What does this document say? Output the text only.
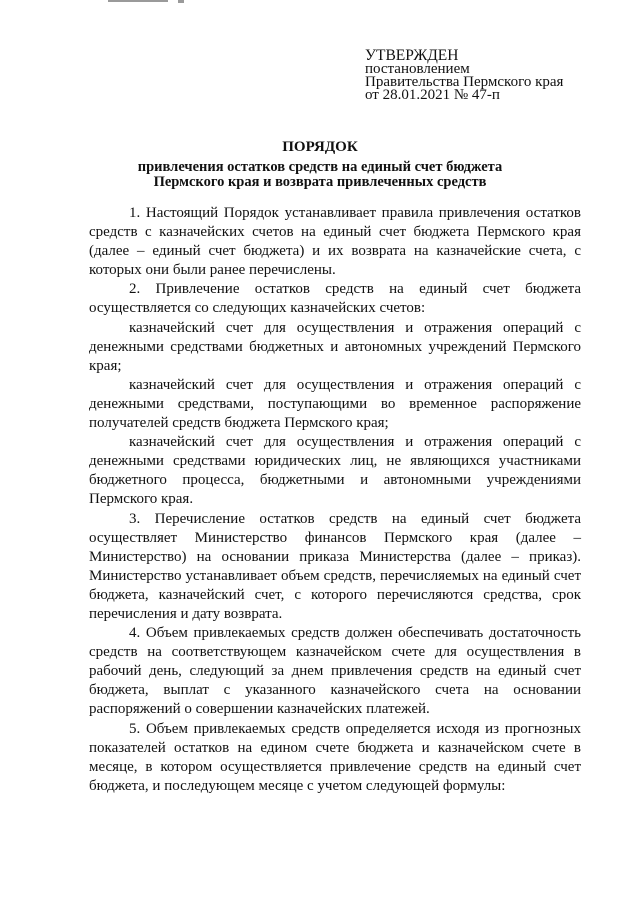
УТВЕРЖДЕН
постановлением
Правительства Пермского края
от 28.01.2021 № 47-п
ПОРЯДОК
привлечения остатков средств на единый счет бюджета
Пермского края и возврата привлеченных средств

1. Настоящий Порядок устанавливает правила привлечения остатков средств с казначейских счетов на единый счет бюджета Пермского края (далее – единый счет бюджета) и их возврата на казначейские счета, с которых они были ранее перечислены.

2. Привлечение остатков средств на единый счет бюджета осуществляется со следующих казначейских счетов:

казначейский счет для осуществления и отражения операций с денежными средствами бюджетных и автономных учреждений Пермского края;

казначейский счет для осуществления и отражения операций с денежными средствами, поступающими во временное распоряжение получателей средств бюджета Пермского края;

казначейский счет для осуществления и отражения операций с денежными средствами юридических лиц, не являющихся участниками бюджетного процесса, бюджетными и автономными учреждениями Пермского края.

3. Перечисление остатков средств на единый счет бюджета осуществляет Министерство финансов Пермского края (далее – Министерство) на основании приказа Министерства (далее – приказ). Министерство устанавливает объем средств, перечисляемых на единый счет бюджета, казначейский счет, с которого перечисляются средства, срок перечисления и дату возврата.

4. Объем привлекаемых средств должен обеспечивать достаточность средств на соответствующем казначейском счете для осуществления в рабочий день, следующий за днем привлечения средств на единый счет бюджета, выплат с указанного казначейского счета на основании распоряжений о совершении казначейских платежей.

5. Объем привлекаемых средств определяется исходя из прогнозных показателей остатков на едином счете бюджета и казначейском счете в месяце, в котором осуществляется привлечение средств на единый счет бюджета, и последующем месяце с учетом следующей формулы:
